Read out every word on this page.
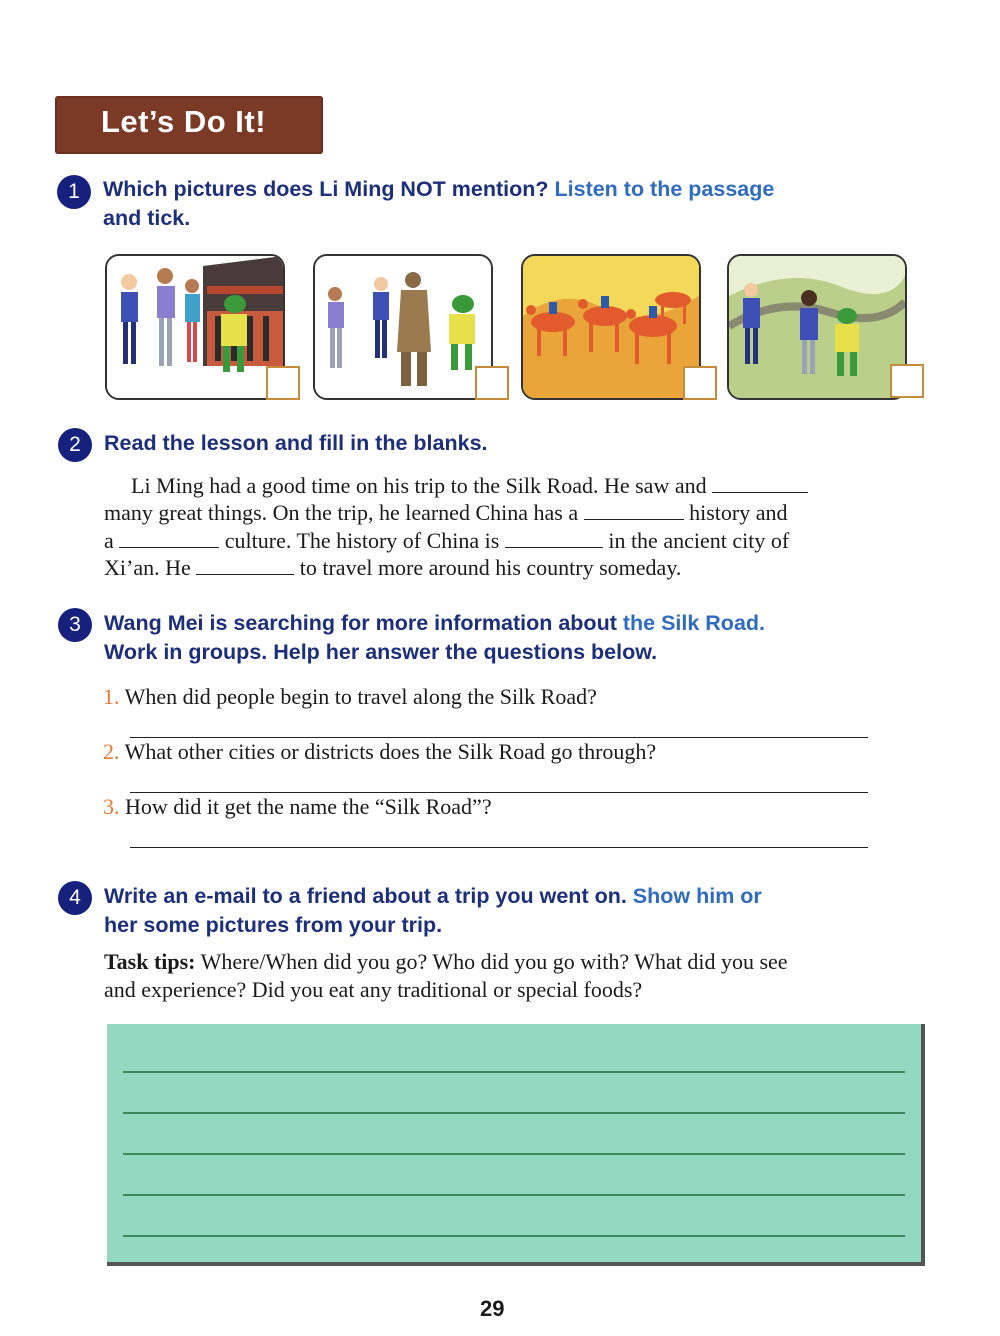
Let’s Do It!
1	Which pictures does Li Ming NOT mention? Listen to the passage
and tick.
2	Read the lesson and fill in the blanks.
Li Ming had a good time on his trip to the Silk Road. He saw and
many great things. On the trip, he learned China has a	history and
a	culture. The history of China is	in the ancient city of
Xi’an. He	to travel more around his country someday.
3	Wang Mei is searching for more information about the Silk Road.
Work in groups. Help her answer the questions below.
1. When did people begin to travel along the Silk Road?
2. What other cities or districts does the Silk Road go through?
3. How did it get the name the “Silk Road”?
4	Write an e-mail to a friend about a trip you went on. Show him or
her some pictures from your trip.
Task tips: Where/When did you go? Who did you go with? What did you see
and experience? Did you eat any traditional or special foods?
29
